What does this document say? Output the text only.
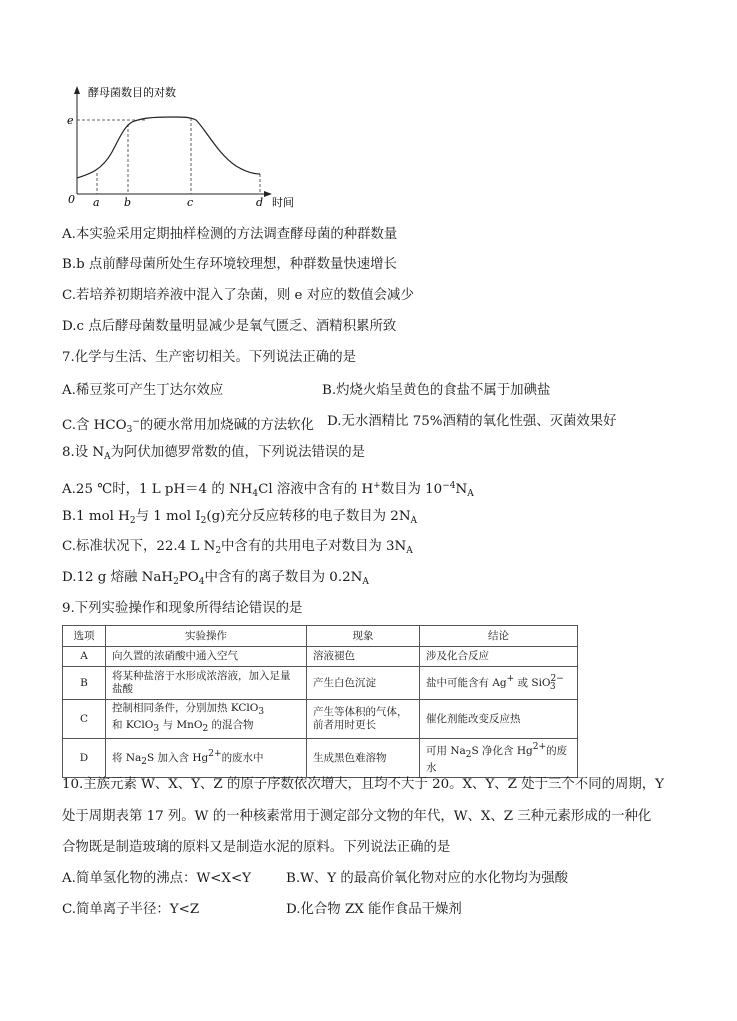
酵母菌数目的对数
时间
0
e
a b	c	d
A.本实验采用定期抽样检测的方法调查酵母菌的种群数量
B.b 点前酵母菌所处生存环境较理想，种群数量快速增长
C.若培养初期培养液中混入了杂菌，则 e 对应的数值会减少
D.c 点后酵母菌数量明显减少是氧气匮乏、酒精积累所致
7.化学与生活、生产密切相关。下列说法正确的是
A.稀豆浆可产生丁达尔效应	B.灼烧火焰呈黄色的食盐不属于加碘盐
C.含 $HCO_3^-$的硬水常用加烧碱的方法软化 D.无水酒精比 75%酒精的氧化性强、灭菌效果好
8.设 $N_A$为阿伏加德罗常数的值，下列说法错误的是
A.25 ℃时，1 L pH＝4 的 $NH_4Cl$ 溶液中含有的 H+数目为 $10^{-4}N_A$
B.1 mol $H_2$与 1 mol $I_2(g)$充分反应转移的电子数目为 $2N_A$
C.标准状况下，22.4 L $N_2$中含有的共用电子对数目为 $3N_A$
D.12 g 熔融 $NaH_2PO_4$中含有的离子数目为 $0.2N_A$
9.下列实验操作和现象所得结论错误的是
选项	实验操作	现象	结论
A	向久置的浓硝酸中通入空气	溶液褪色	涉及化合反应
B	将某种盐溶于水形成浓溶液，加入足量盐酸	产生白色沉淀	盐中可能含有 Ag+ 或 SiO$^{2-}_3$
C	控制相同条件，分别加热 KClO$_3$
和 KClO$_3$ 与 MnO$_2$ 的混合物	产生等体积的气体，前者用时更长	催化剂能改变反应热
D	将 $Na_2S$ 加入含 $Hg^{2+}$的废水中	生成黑色难溶物	可用 $Na_2S$ 净化含 $Hg^{2+}$的废水
10.主族元素 W、X、Y、Z 的原子序数依次增大，且均不大于 20。X、Y、Z 处于三个不同的周期，Y
处于周期表第 17 列。W 的一种核素常用于测定部分文物的年代，W、X、Z 三种元素形成的一种化
合物既是制造玻璃的原料又是制造水泥的原料。下列说法正确的是
A.简单氢化物的沸点：W<X<Y	B.W、Y 的最高价氧化物对应的水化物均为强酸
C.简单离子半径：Y<Z	D.化合物 ZX 能作食品干燥剂
